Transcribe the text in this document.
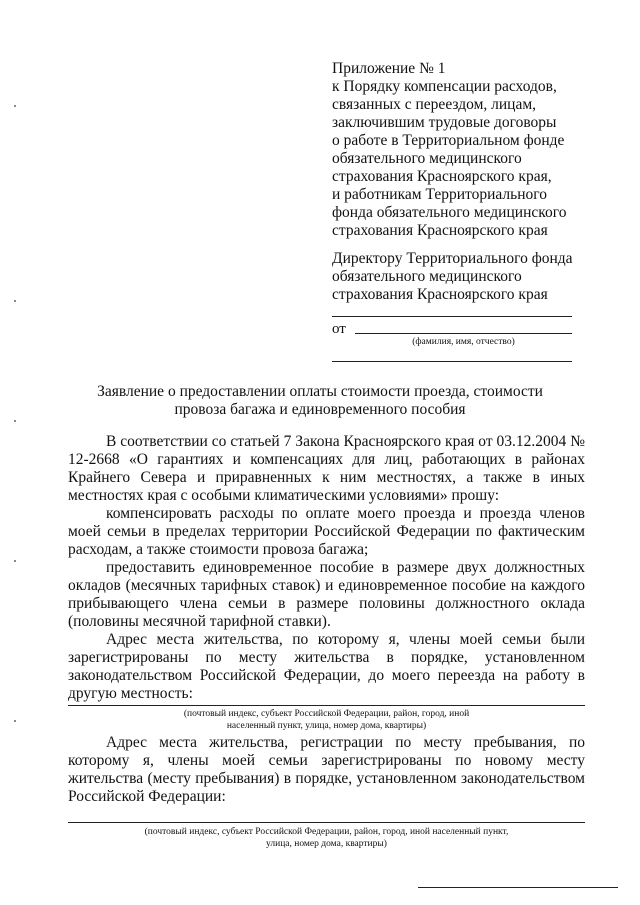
Приложение № 1
к Порядку компенсации расходов,
связанных с переездом, лицам,
заключившим трудовые договоры
о работе в Территориальном фонде
обязательного медицинского
страхования Красноярского края,
и работникам Территориального
фонда обязательного медицинского
страхования Красноярского края
Директору Территориального фонда
обязательного медицинского
страхования Красноярского края
от
(фамилия, имя, отчество)
Заявление о предоставлении оплаты стоимости проезда, стоимости
провоза багажа и единовременного пособия
В соответствии со статьей 7 Закона Красноярского края от 03.12.2004 № 12-2668 «О гарантиях и компенсациях для лиц, работающих в районах Крайнего Севера и приравненных к ним местностях, а также в иных местностях края с особыми климатическими условиями» прошу:
компенсировать расходы по оплате моего проезда и проезда членов моей семьи в пределах территории Российской Федерации по фактическим расходам, а также стоимости провоза багажа;
предоставить единовременное пособие в размере двух должностных окладов (месячных тарифных ставок) и единовременное пособие на каждого прибывающего члена семьи в размере половины должностного оклада (половины месячной тарифной ставки).
Адрес места жительства, по которому я, члены моей семьи были зарегистрированы по месту жительства в порядке, установленном законодательством Российской Федерации, до моего переезда на работу в другую местность:
(почтовый индекс, субъект Российской Федерации, район, город, иной
населенный пункт, улица, номер дома, квартиры)
Адрес места жительства, регистрации по месту пребывания, по которому я, члены моей семьи зарегистрированы по новому месту жительства (месту пребывания) в порядке, установленном законодательством Российской Федерации:
(почтовый индекс, субъект Российской Федерации, район, город, иной населенный пункт,
улица, номер дома, квартиры)
